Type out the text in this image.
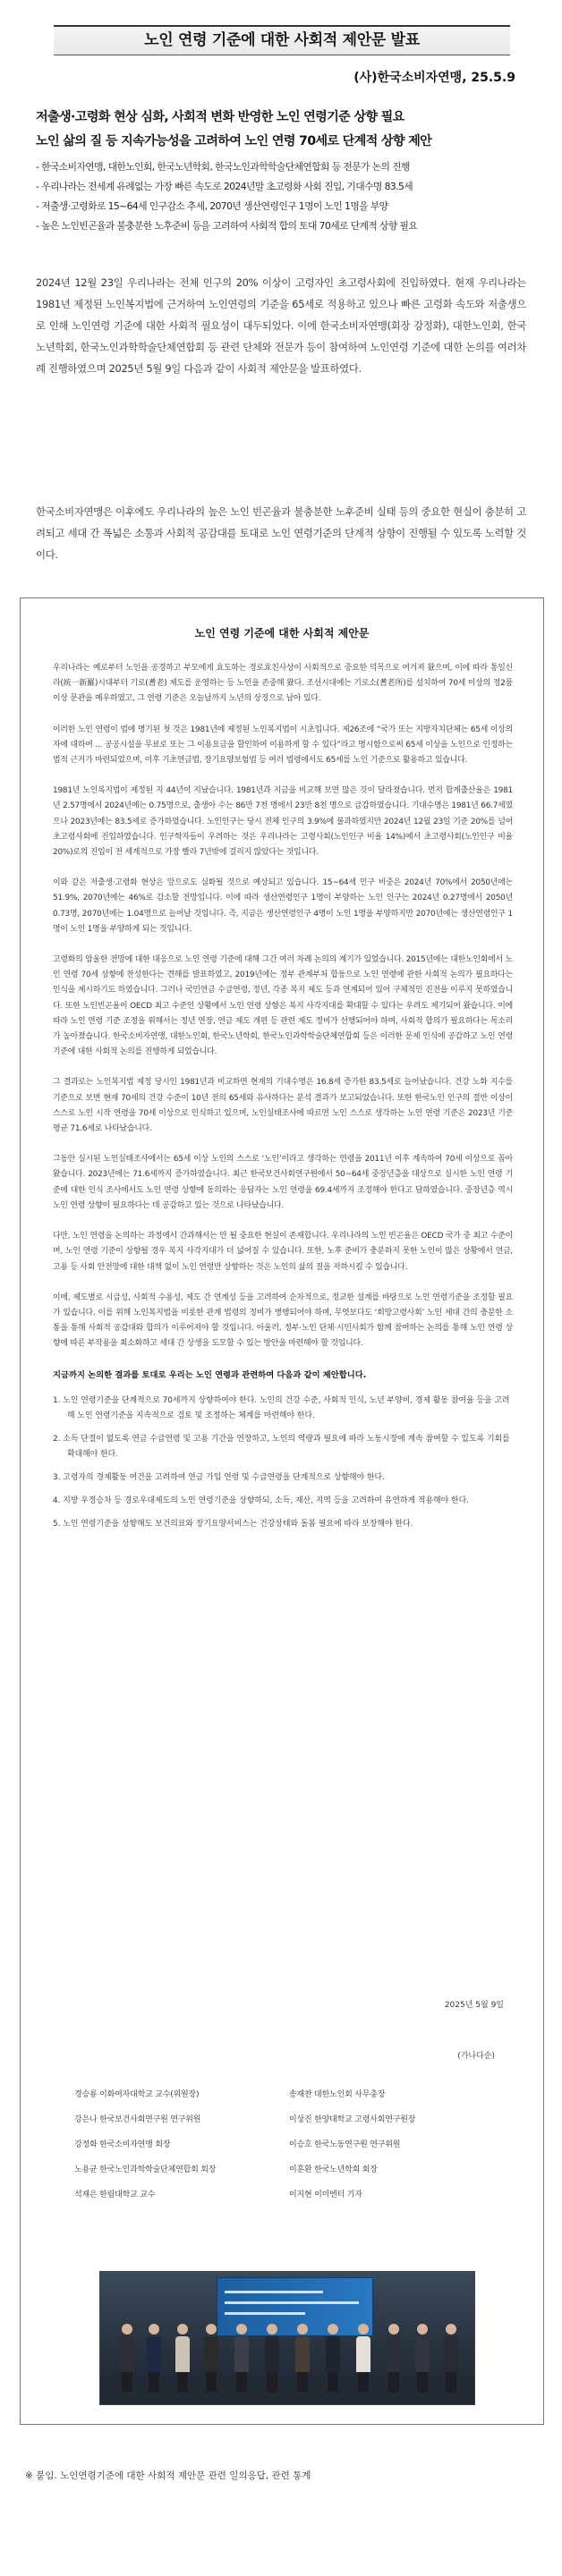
노인 연령 기준에 대한 사회적 제안문 발표
(사)한국소비자연맹, 25.5.9
저출생·고령화 현상 심화, 사회적 변화 반영한 노인 연령기준 상향 필요
노인 삶의 질 등 지속가능성을 고려하여 노인 연령 70세로 단계적 상향 제안
- 한국소비자연맹, 대한노인회, 한국노년학회, 한국노인과학학술단체연합회 등 전문가 논의 진행
- 우리나라는 전세계 유례없는 가장 빠른 속도로 2024년말 초고령화 사회 진입, 기대수명 83.5세
- 저출생·고령화로 15~64세 인구감소 추세, 2070년 생산연령인구 1명이 노인 1명을 부양
- 높은 노인빈곤율과 불충분한 노후준비 등을 고려하여 사회적 합의 토대 70세로 단계적 상향 필요

2024년 12월 23일 우리나라는 전체 인구의 20% 이상이 고령자인 초고령사회에 진입하였다. 현재 우리나라는 1981년 제정된 노인복지법에 근거하여 노인연령의 기준을 65세로 적용하고 있으나 빠른 고령화 속도와 저출생으로 인해 노인연령 기준에 대한 사회적 필요성이 대두되었다. 이에 한국소비자연맹(회장 강정화), 대한노인회, 한국노년학회, 한국노인과학학술단체연합회 등 관련 단체와 전문가 등이 참여하여 노인연령 기준에 대한 논의를 여러차례 진행하였으며 2025년 5월 9일 다음과 같이 사회적 제안문을 발표하였다.

한국소비자연맹은 이후에도 우리나라의 높은 노인 빈곤율과 불충분한 노후준비 실태 등의 중요한 현실이 충분히 고려되고 세대 간 폭넓은 소통과 사회적 공감대를 토대로 노인 연령기준의 단계적 상향이 진행될 수 있도록 노력할 것이다.

노인 연령 기준에 대한 사회적 제안문

우리나라는 예로부터 노인을 공경하고 부모에게 효도하는 경로효친사상이 사회적으로 중요한 덕목으로 여겨져 왔으며, 이에 따라 통일신라(統一新羅)시대부터 기로(耆老) 제도를 운영하는 등 노인을 존중해 왔다. 조선시대에는 기로소(耆老所)를 설치하여 70세 이상의 정2품 이상 문관을 예우하였고, 그 연령 기준은 오늘날까지 노년의 상징으로 남아 있다.

이러한 노인 연령이 법에 명기된 첫 것은 1981년에 제정된 노인복지법이 시초입니다. 제26조에 “국가 또는 지방자치단체는 65세 이상의 자에 대하여 ... 공공시설을 무료로 또는 그 이용요금을 할인하여 이용하게 할 수 있다”라고 명시함으로써 65세 이상을 노인으로 인정하는 법적 근거가 마련되었으며, 이후 기초연금법, 장기요양보험법 등 여러 법령에서도 65세를 노인 기준으로 활용하고 있습니다.

1981년 노인복지법이 제정된 지 44년이 지났습니다. 1981년과 지금을 비교해 보면 많은 것이 달라졌습니다. 먼저 합계출산율은 1981년 2.57명에서 2024년에는 0.75명으로, 출생아 수는 86만 7천 명에서 23만 8천 명으로 급감하였습니다. 기대수명은 1981년 66.7세였으나 2023년에는 83.5세로 증가하였습니다. 노인인구는 당시 전체 인구의 3.9%에 불과하였지만 2024년 12월 23일 기준 20%를 넘어 초고령사회에 진입하였습니다. 인구학자들이 우려하는 것은 우리나라는 고령사회(노인인구 비율 14%)에서 초고령사회(노인인구 비율 20%)로의 진입이 전 세계적으로 가장 빨라 7년밖에 걸리지 않았다는 것입니다.

이와 같은 저출생·고령화 현상은 앞으로도 심화될 것으로 예상되고 있습니다. 15~64세 인구 비중은 2024년 70%에서 2050년에는 51.9%, 2070년에는 46%로 감소할 전망입니다. 이에 따라 생산연령인구 1명이 부양하는 노인 인구는 2024년 0.27명에서 2050년 0.73명, 2070년에는 1.04명으로 늘어날 것입니다. 즉, 지금은 생산연령인구 4명이 노인 1명을 부양하지만 2070년에는 생산연령인구 1명이 노인 1명을 부양하게 되는 것입니다.

고령화의 암울한 전망에 대한 대응으로 노인 연령 기준에 대해 그간 여러 차례 논의의 계기가 있었습니다. 2015년에는 대한노인회에서 노인 연령 70세 상향에 찬성한다는 견해를 발표하였고, 2019년에는 정부 관계부처 합동으로 노인 연령에 관한 사회적 논의가 필요하다는 인식을 제시하기도 하였습니다. 그러나 국민연금 수급연령, 정년, 각종 복지 제도 등과 연계되어 있어 구체적인 진전을 이루지 못하였습니다. 또한 노인빈곤율이 OECD 최고 수준인 상황에서 노인 연령 상향은 복지 사각지대를 확대할 수 있다는 우려도 제기되어 왔습니다. 이에 따라 노인 연령 기준 조정을 위해서는 정년 연장, 연금 제도 개편 등 관련 제도 정비가 선행되어야 하며, 사회적 합의가 필요하다는 목소리가 높아졌습니다. 한국소비자연맹, 대한노인회, 한국노년학회, 한국노인과학학술단체연합회 등은 이러한 문제 인식에 공감하고 노인 연령 기준에 대한 사회적 논의를 진행하게 되었습니다.

그 결과로는 노인복지법 제정 당시인 1981년과 비교하면 현재의 기대수명은 16.8세 증가한 83.5세로 늘어났습니다. 건강 노화 지수를 기준으로 보면 현재 70세의 건강 수준이 10년 전의 65세와 유사하다는 분석 결과가 보고되었습니다. 또한 한국노인 인구의 절반 이상이 스스로 노인 시작 연령을 70세 이상으로 인식하고 있으며, 노인실태조사에 따르면 노인 스스로 생각하는 노인 연령 기준은 2023년 기준 평균 71.6세로 나타났습니다.

그동안 실시된 노인실태조사에서는 65세 이상 노인의 스스로 ‘노인’이라고 생각하는 연령을 2011년 이후 계속하여 70세 이상으로 꼽아 왔습니다. 2023년에는 71.6세까지 증가하였습니다. 최근 한국보건사회연구원에서 50~64세 중장년층을 대상으로 실시한 노인 연령 기준에 대한 인식 조사에서도 노인 연령 상향에 동의하는 응답자는 노인 연령을 69.4세까지 조정해야 한다고 답하였습니다. 중장년층 역시 노인 연령 상향이 필요하다는 데 공감하고 있는 것으로 나타났습니다.

다만, 노인 연령을 논의하는 과정에서 간과해서는 안 될 중요한 현실이 존재합니다. 우리나라의 노인 빈곤율은 OECD 국가 중 최고 수준이며, 노인 연령 기준이 상향될 경우 복지 사각지대가 더 넓어질 수 있습니다. 또한, 노후 준비가 충분하지 못한 노인이 많은 상황에서 연금, 고용 등 사회 안전망에 대한 대책 없이 노인 연령만 상향하는 것은 노인의 삶의 질을 저하시킬 수 있습니다.

이에, 제도별로 시급성, 사회적 수용성, 제도 간 연계성 등을 고려하여 순차적으로, 정교한 설계를 바탕으로 노인 연령기준을 조정할 필요가 있습니다. 이를 위해 노인복지법을 비롯한 관계 법령의 정비가 병행되어야 하며, 무엇보다도 ‘희망고령사회’ 노인 세대 간의 충분한 소통을 통해 사회적 공감대와 합의가 이루어져야 할 것입니다. 아울러, 정부·노인 단체·시민사회가 함께 참여하는 논의를 통해 노인 연령 상향에 따른 부작용을 최소화하고 세대 간 상생을 도모할 수 있는 방안을 마련해야 할 것입니다.

지금까지 논의한 결과를 토대로 우리는 노인 연령과 관련하여 다음과 같이 제안합니다.

1. 노인 연령기준을 단계적으로 70세까지 상향하여야 한다. 노인의 건강 수준, 사회적 인식, 노년 부양비, 경제 활동 참여율 등을 고려해 노인 연령기준을 지속적으로 검토 및 조정하는 체계를 마련해야 한다.
2. 소득 단절이 없도록 연금 수급연령 및 고용 기간을 연장하고, 노인의 역량과 필요에 따라 노동시장에 계속 참여할 수 있도록 기회를 확대해야 한다.
3. 고령자의 경제활동 여건을 고려하여 연금 가입 연령 및 수급연령을 단계적으로 상향해야 한다.
4. 지방 우정승차 등 경로우대제도의 노인 연령기준을 상향하되, 소득, 재산, 지역 등을 고려하여 유연하게 적용해야 한다.
5. 노인 연령기준을 상향해도 보건의료와 장기요양서비스는 건강상태와 돌봄 필요에 따라 보장해야 한다.
2025년 5월 9일
(가나다순)
경승룡 이화여자대학교 교수(위원장)	송재찬 대한노인회 사무총장
강은나 한국보건사회연구원 연구위원	이상진 한양대학교 고령사회연구원장
강정화 한국소비자연맹 회장	이승호 한국노동연구원 연구위원
노용균 한국노인과학학술단체연합회 회장	이훈환 한국노년학회 회장
석재은 한림대학교 교수	이지현 이미엔터 기자
※ 붙임. 노인연령기준에 대한 사회적 제안문 관련 일의응답, 관련 통계
